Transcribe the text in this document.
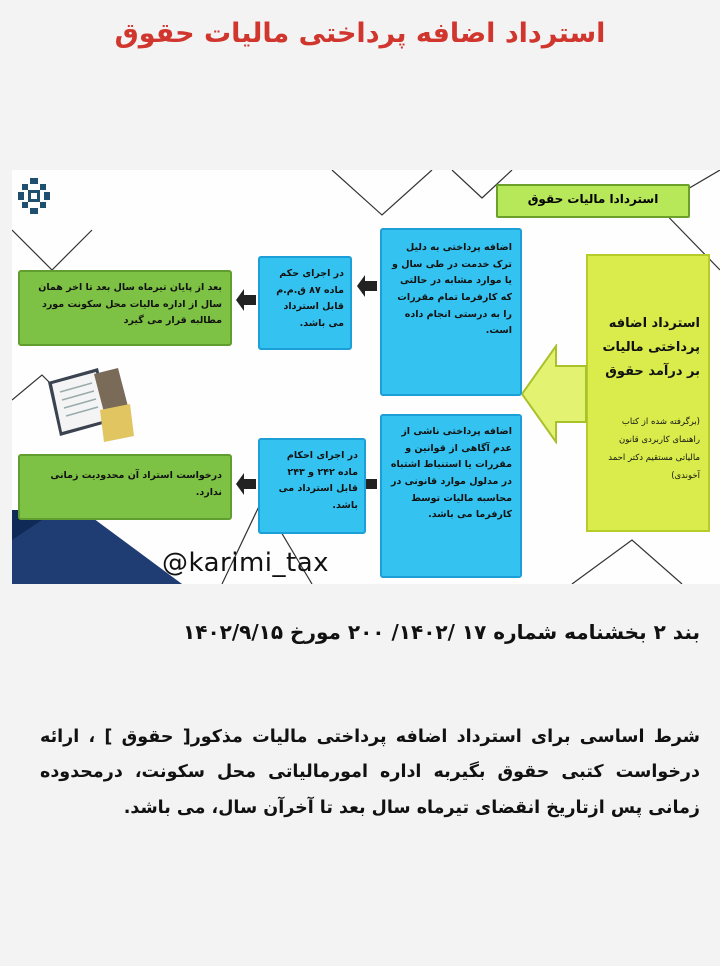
استرداد اضافه پرداختی مالیات حقوق
استردادا مالیات حقوق
استرداد اضافه پرداختی مالیات بر درآمد حقوق
(برگرفته شده از کتاب راهنمای کاربردی قانون مالیاتی مستقیم دکتر احمد آخوندی)
اضافه پرداختی به دلیل ترک خدمت در طی سال و یا موارد مشابه در حالتی که کارفرما تمام مقررات را به درستی انجام داده است.
در اجرای حکم ماده ۸۷ ق.م.م قابل استرداد می باشد.
بعد از پایان تیرماه سال بعد تا اخر همان سال از اداره مالیات محل سکونت مورد مطالبه قرار می گیرد
اضافه پرداختی ناشی از عدم آگاهی از قوانین و مقررات یا استنباط اشتباه در مدلول موارد قانونی در محاسبه مالیات توسط کارفرما می باشد.
در اجرای احکام ماده ۲۴۲ و ۲۴۳ قابل استرداد می باشد.
درخواست استراد آن محدودیت زمانی ندارد.
@karimi_tax
بند ۲ بخشنامه شماره ۱۷ /۱۴۰۲/ ۲۰۰ مورخ ۱۴۰۲/۹/۱۵
شرط اساسی برای استرداد اضافه پرداختی مالیات مذکور[ حقوق ] ، ارائه درخواست کتبی حقوق بگیربه اداره امورمالیاتی محل سکونت، درمحدوده زمانی پس ازتاریخ انقضای تیرماه سال بعد تا آخرآن سال، می باشد.
